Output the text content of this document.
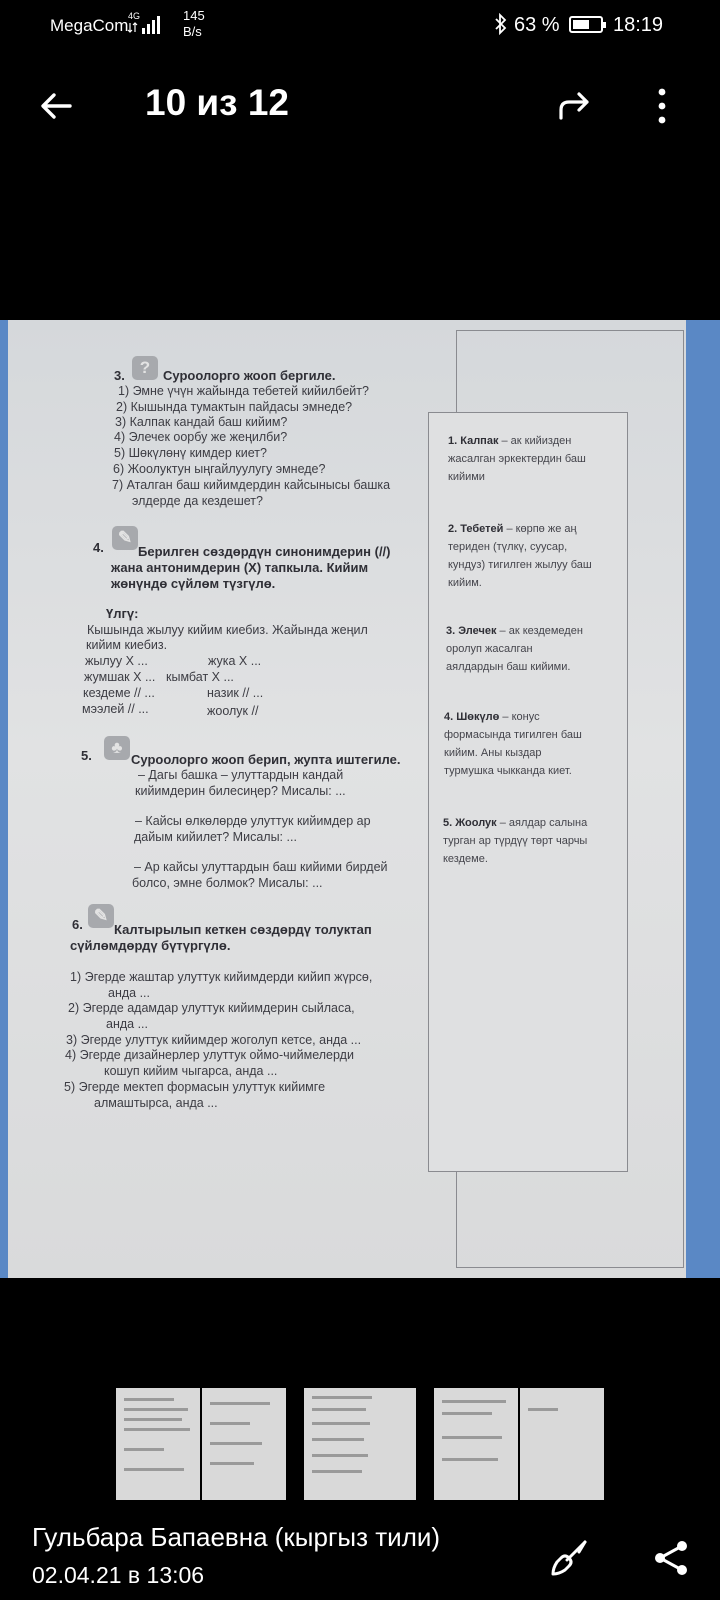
MegaCom 4G	145
B/s	63 %	18:19
10 из 12
3. ? Суроолорго жооп бергиле.
1) Эмне үчүн жайында тебетей кийилбейт?
2) Кышында тумактын пайдасы эмнеде?
3) Калпак кандай баш кийим?
4) Элечек оорбу же жеңилби?
5) Шөкүлөнү кимдер киет?
6) Жоолуктун ыңгайлуулугу эмнеде?
7) Аталган баш кийимдердин кайсынысы башка
элдерде да кездешет?
4.
✎
Берилген сөздөрдүн синонимдерин (//)
жана антонимдерин (X) тапкыла. Кийим
жөнүндө сүйлөм түзгүлө.
Үлгү:
Кышында жылуу кийим киебиз. Жайында жеңил
кийим киебиз.
жылуу X ...	жука X ...
жумшак X ... кымбат X ...
кездеме // ...	назик // ...
мээлей // ...	жоолук //
5.	♣
Суроолорго жооп берип, жупта иштегиле.
– Дагы башка – улуттардын кандай
кийимдерин билесиңер? Мисалы: ...
– Кайсы өлкөлөрдө улуттук кийимдер ар
дайым кийилет? Мисалы: ...
– Ар кайсы улуттардын баш кийими бирдей
болсо, эмне болмок? Мисалы: ...
6. ✎
Калтырылып кеткен сөздөрдү толуктап
сүйлөмдөрдү бүтүргүлө.
1) Эгерде жаштар улуттук кийимдерди кийип жүрсө,
анда ...
2) Эгерде адамдар улуттук кийимдерин сыйласа,
анда ...
3) Эгерде улуттук кийимдер жоголуп кетсе, анда ...
4) Эгерде дизайнерлер улуттук оймо-чиймелерди
кошуп кийим чыгарса, анда ...
5) Эгерде мектеп формасын улуттук кийимге
алмаштырса, анда ...
1. Калпак – ак кийизден
жасалган эркектердин баш
кийими
2. Тебетей – көрпө же аң
териден (түлкү, суусар,
кундуз) тигилген жылуу баш
кийим.
3. Элечек – ак кездемеден
оролуп жасалган
аялдардын баш кийими.
4. Шөкүлө – конус
формасында тигилген баш
кийим. Аны кыздар
турмушка чыкканда киет.
5. Жоолук – аялдар салына
турган ар түрдүү төрт чарчы
кездеме.
Гульбара Бапаевна (кыргыз тили)
02.04.21 в 13:06
